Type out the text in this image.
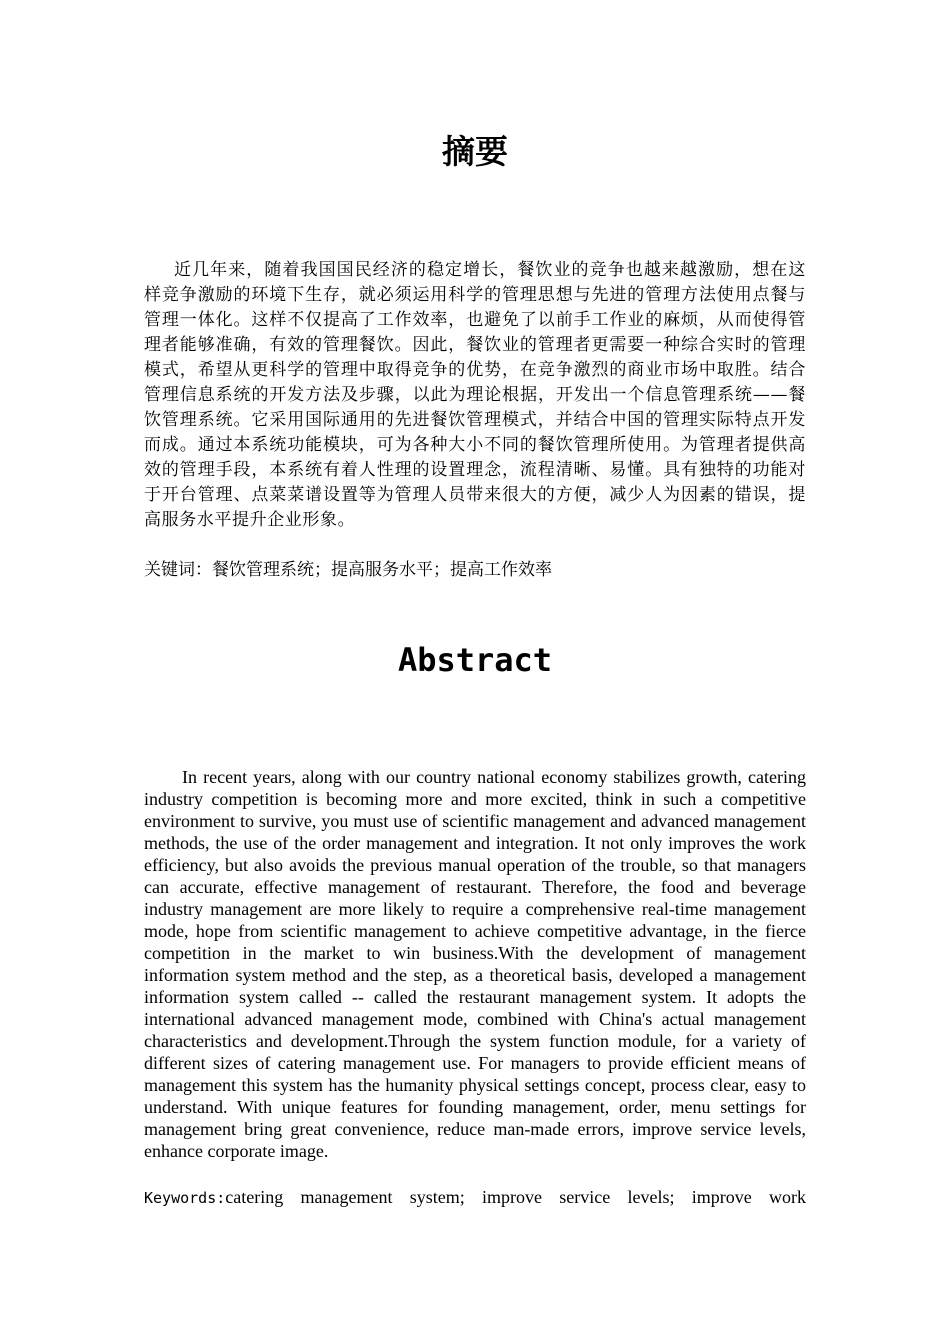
摘要

近几年来，随着我国国民经济的稳定增长，餐饮业的竞争也越来越激励，想在这样竞争激励的环境下生存，就必须运用科学的管理思想与先进的管理方法使用点餐与管理一体化。这样不仅提高了工作效率，也避免了以前手工作业的麻烦，从而使得管理者能够准确，有效的管理餐饮。因此，餐饮业的管理者更需要一种综合实时的管理模式，希望从更科学的管理中取得竞争的优势，在竞争激烈的商业市场中取胜。结合管理信息系统的开发方法及步骤，以此为理论根据，开发出一个信息管理系统——餐饮管理系统。它采用国际通用的先进餐饮管理模式，并结合中国的管理实际特点开发而成。通过本系统功能模块，可为各种大小不同的餐饮管理所使用。为管理者提供高效的管理手段，本系统有着人性理的设置理念，流程清晰、易懂。具有独特的功能对于开台管理、点菜菜谱设置等为管理人员带来很大的方便，减少人为因素的错误，提高服务水平提升企业形象。

关键词：餐饮管理系统；提高服务水平；提高工作效率

Abstract

In recent years, along with our country national economy stabilizes growth, catering industry competition is becoming more and more excited, think in such a competitive environment to survive, you must use of scientific management and advanced management methods, the use of the order management and integration. It not only improves the work efficiency, but also avoids the previous manual operation of the trouble, so that managers can accurate, effective management of restaurant. Therefore, the food and beverage industry management are more likely to require a comprehensive real-time management mode, hope from scientific management to achieve competitive advantage, in the fierce competition in the market to win business.With the development of management information system method and the step, as a theoretical basis, developed a management information system called -- called the restaurant management system. It adopts the international advanced management mode, combined with China's actual management characteristics and development.Through the system function module, for a variety of different sizes of catering management use. For managers to provide efficient means of management this system has the humanity physical settings concept, process clear, easy to understand. With unique features for founding management, order, menu settings for management bring great convenience, reduce man-made errors, improve service levels, enhance corporate image.

Keywords:catering management system; improve service levels; improve work
